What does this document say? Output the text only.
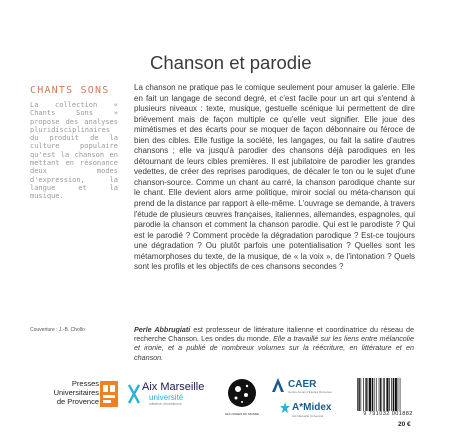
Chanson et parodie
CHANTS SONS
La collection « Chants Sons » propose des analyses pluridisciplinaires du produit de la culture populaire qu'est la chanson en mettant en résonance deux modes d'expression, la langue et la musique.
La chanson ne pratique pas le comique seulement pour amuser la galerie. Elle en fait un langage de second degré, et c'est facile pour un art qui s'entend à plusieurs niveaux : texte, musique, gestuelle scénique lui permettent de dire brièvement mais de façon multiple ce qu'elle veut signifier. Elle joue des mimétismes et des écarts pour se moquer de façon débonnaire ou féroce de bien des cibles. Elle fustige la société, les langages, ou fait la satire d'autres chansons ; elle va jusqu'à parodier des chansons déjà parodiques en les détournant de leurs cibles premières. Il est jubilatoire de parodier les grandes vedettes, de créer des reprises parodiques, de décaler le ton ou le sujet d'une chanson-source. Comme un chant au carré, la chanson parodique chante sur le chant. Elle devient alors arme politique, miroir social ou méta-chanson qui prend de la distance par rapport à elle-même. L'ouvrage se demande, à travers l'étude de plusieurs œuvres françaises, italiennes, allemandes, espagnoles, qui parodie la chanson et comment la chanson parodie. Qui est le parodiste ? Qui est le parodié ? Comment procède la dégradation parodique ? Est-ce toujours une dégradation ? Ou plutôt parfois une potentialisation ? Quelles sont les métamorphoses du texte, de la musique, de « la voix », de l'intonation ? Quels sont les profils et les objectifs de ces chansons secondes ?
Couverture : J.-B. Chollo	Perle Abbrugiati est professeur de littérature italienne et coordinatrice du réseau de recherche Chanson. Les ondes du monde. Elle a travaillé sur les liens entre mélancolie et ironie, et a publié de nombreux volumes sur la réécriture, en littérature et en chanson.
Presses
Universitaires
de Provence
Aix Marseille
université
initiative d'excellence
LES ONDES DU MONDE
CAER
Centre Aixois d'Études Romanes
A*Midex
Aix-Marseille Université	9 791032 001882
20 €
